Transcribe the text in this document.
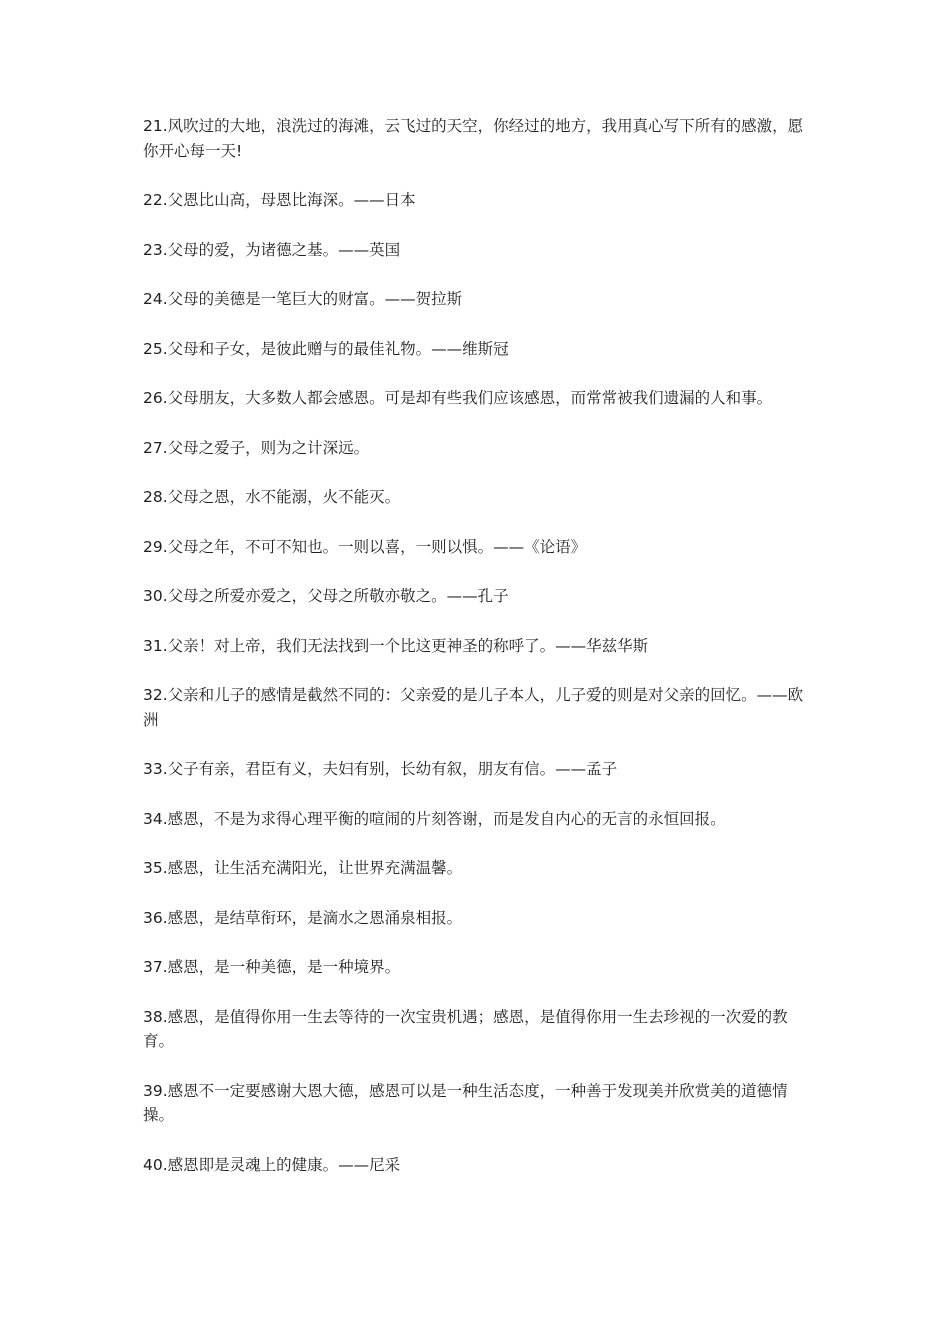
21.风吹过的大地，浪洗过的海滩，云飞过的天空，你经过的地方，我用真心写下所有的感激，愿你开心每一天!

22.父恩比山高，母恩比海深。——日本

23.父母的爱，为诸德之基。——英国

24.父母的美德是一笔巨大的财富。——贺拉斯

25.父母和子女，是彼此赠与的最佳礼物。——维斯冠

26.父母朋友，大多数人都会感恩。可是却有些我们应该感恩，而常常被我们遗漏的人和事。

27.父母之爱子，则为之计深远。

28.父母之恩，水不能溺，火不能灭。

29.父母之年，不可不知也。一则以喜，一则以惧。——《论语》

30.父母之所爱亦爱之，父母之所敬亦敬之。——孔子

31.父亲！对上帝，我们无法找到一个比这更神圣的称呼了。——华兹华斯

32.父亲和儿子的感情是截然不同的：父亲爱的是儿子本人，儿子爱的则是对父亲的回忆。——欧洲

33.父子有亲，君臣有义，夫妇有别，长幼有叙，朋友有信。——孟子

34.感恩，不是为求得心理平衡的喧闹的片刻答谢，而是发自内心的无言的永恒回报。

35.感恩，让生活充满阳光，让世界充满温馨。

36.感恩，是结草衔环，是滴水之恩涌泉相报。

37.感恩，是一种美德，是一种境界。

38.感恩，是值得你用一生去等待的一次宝贵机遇；感恩，是值得你用一生去珍视的一次爱的教育。

39.感恩不一定要感谢大恩大德，感恩可以是一种生活态度，一种善于发现美并欣赏美的道德情操。

40.感恩即是灵魂上的健康。——尼采
